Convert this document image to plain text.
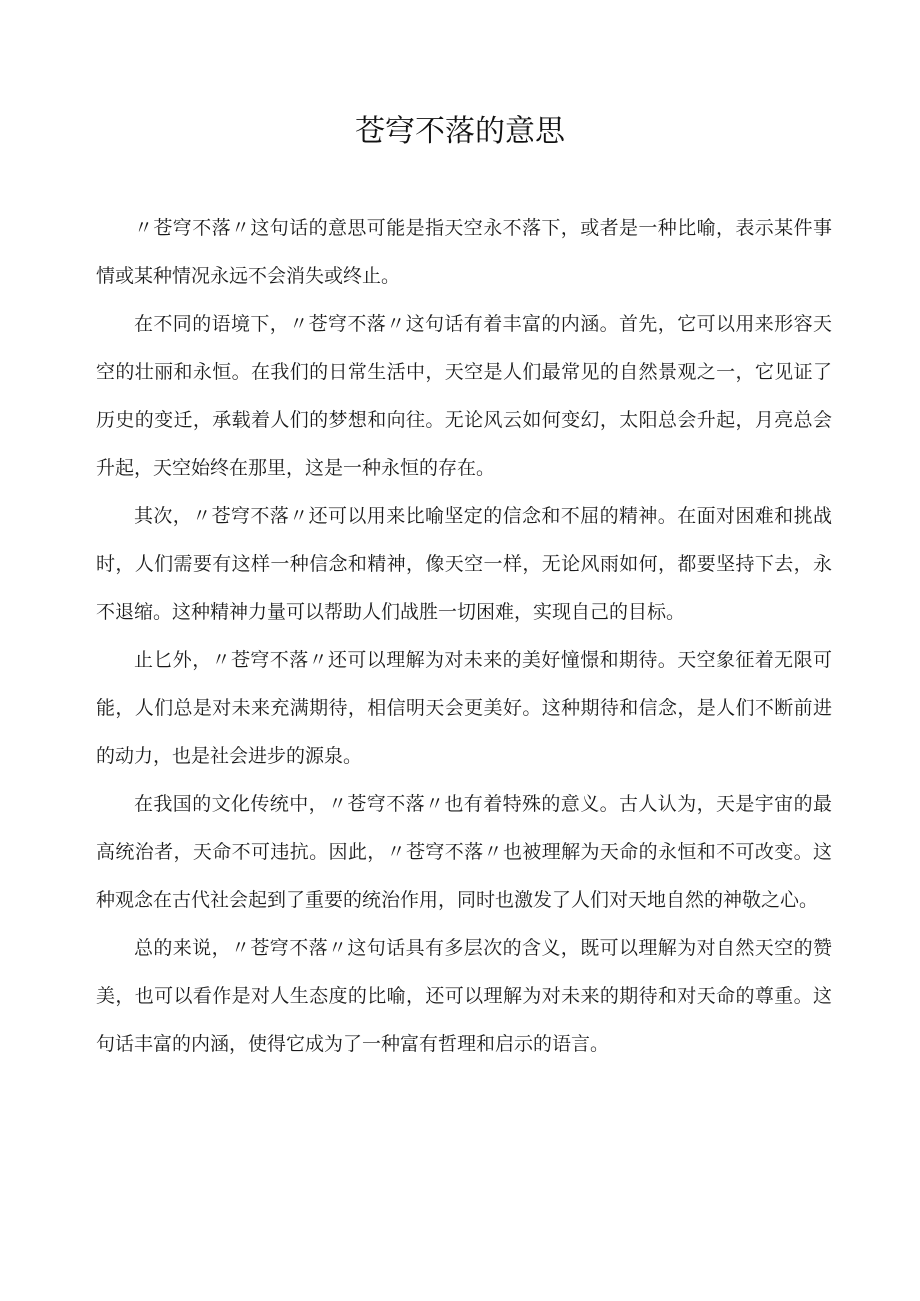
苍穹不落的意思

〃苍穹不落〃这句话的意思可能是指天空永不落下，或者是一种比喻，表示某件事情或某种情况永远不会消失或终止。

在不同的语境下，〃苍穹不落〃这句话有着丰富的内涵。首先，它可以用来形容天空的壮丽和永恒。在我们的日常生活中，天空是人们最常见的自然景观之一，它见证了历史的变迁，承载着人们的梦想和向往。无论风云如何变幻，太阳总会升起，月亮总会升起，天空始终在那里，这是一种永恒的存在。

其次，〃苍穹不落〃还可以用来比喻坚定的信念和不屈的精神。在面对困难和挑战时，人们需要有这样一种信念和精神，像天空一样，无论风雨如何，都要坚持下去，永不退缩。这种精神力量可以帮助人们战胜一切困难，实现自己的目标。

止匕外，〃苍穹不落〃还可以理解为对未来的美好憧憬和期待。天空象征着无限可能，人们总是对未来充满期待，相信明天会更美好。这种期待和信念，是人们不断前进的动力，也是社会进步的源泉。

在我国的文化传统中，〃苍穹不落〃也有着特殊的意义。古人认为，天是宇宙的最高统治者，天命不可违抗。因此，〃苍穹不落〃也被理解为天命的永恒和不可改变。这种观念在古代社会起到了重要的统治作用，同时也激发了人们对天地自然的神敬之心。

总的来说，〃苍穹不落〃这句话具有多层次的含义，既可以理解为对自然天空的赞美，也可以看作是对人生态度的比喻，还可以理解为对未来的期待和对天命的尊重。这句话丰富的内涵，使得它成为了一种富有哲理和启示的语言。
